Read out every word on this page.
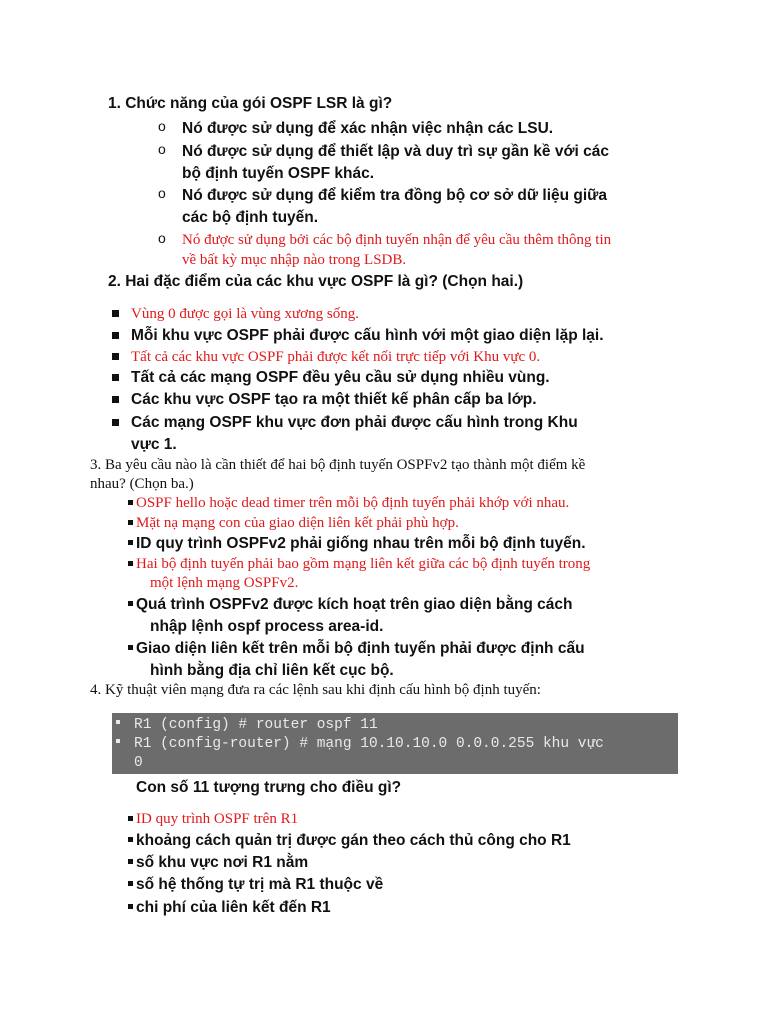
1. Chức năng của gói OSPF LSR là gì?
o Nó được sử dụng để xác nhận việc nhận các LSU.
o Nó được sử dụng để thiết lập và duy trì sự gần kề với các
bộ định tuyến OSPF khác.
o Nó được sử dụng để kiểm tra đồng bộ cơ sở dữ liệu giữa
các bộ định tuyến.
o Nó được sử dụng bởi các bộ định tuyến nhận để yêu cầu thêm thông tin
về bất kỳ mục nhập nào trong LSDB.
2. Hai đặc điểm của các khu vực OSPF là gì? (Chọn hai.)
Vùng 0 được gọi là vùng xương sống.
Mỗi khu vực OSPF phải được cấu hình với một giao diện lặp lại.
Tất cả các khu vực OSPF phải được kết nối trực tiếp với Khu vực 0.
Tất cả các mạng OSPF đều yêu cầu sử dụng nhiều vùng.
Các khu vực OSPF tạo ra một thiết kế phân cấp ba lớp.
Các mạng OSPF khu vực đơn phải được cấu hình trong Khu
vực 1.
3. Ba yêu cầu nào là cần thiết để hai bộ định tuyến OSPFv2 tạo thành một điểm kề
nhau? (Chọn ba.)
OSPF hello hoặc dead timer trên mỗi bộ định tuyến phải khớp với nhau.
Mặt nạ mạng con của giao diện liên kết phải phù hợp.
ID quy trình OSPFv2 phải giống nhau trên mỗi bộ định tuyến.
Hai bộ định tuyến phải bao gồm mạng liên kết giữa các bộ định tuyến trong
một lệnh mạng OSPFv2.
Quá trình OSPFv2 được kích hoạt trên giao diện bằng cách
nhập lệnh ospf process area-id.
Giao diện liên kết trên mỗi bộ định tuyến phải được định cấu
hình bằng địa chỉ liên kết cục bộ.
4. Kỹ thuật viên mạng đưa ra các lệnh sau khi định cấu hình bộ định tuyến:
R1 (config) # router ospf 11
R1 (config-router) # mạng 10.10.10.0 0.0.0.255 khu vực
0
Con số 11 tượng trưng cho điều gì?
ID quy trình OSPF trên R1
khoảng cách quản trị được gán theo cách thủ công cho R1
số khu vực nơi R1 nằm
số hệ thống tự trị mà R1 thuộc về
chi phí của liên kết đến R1
